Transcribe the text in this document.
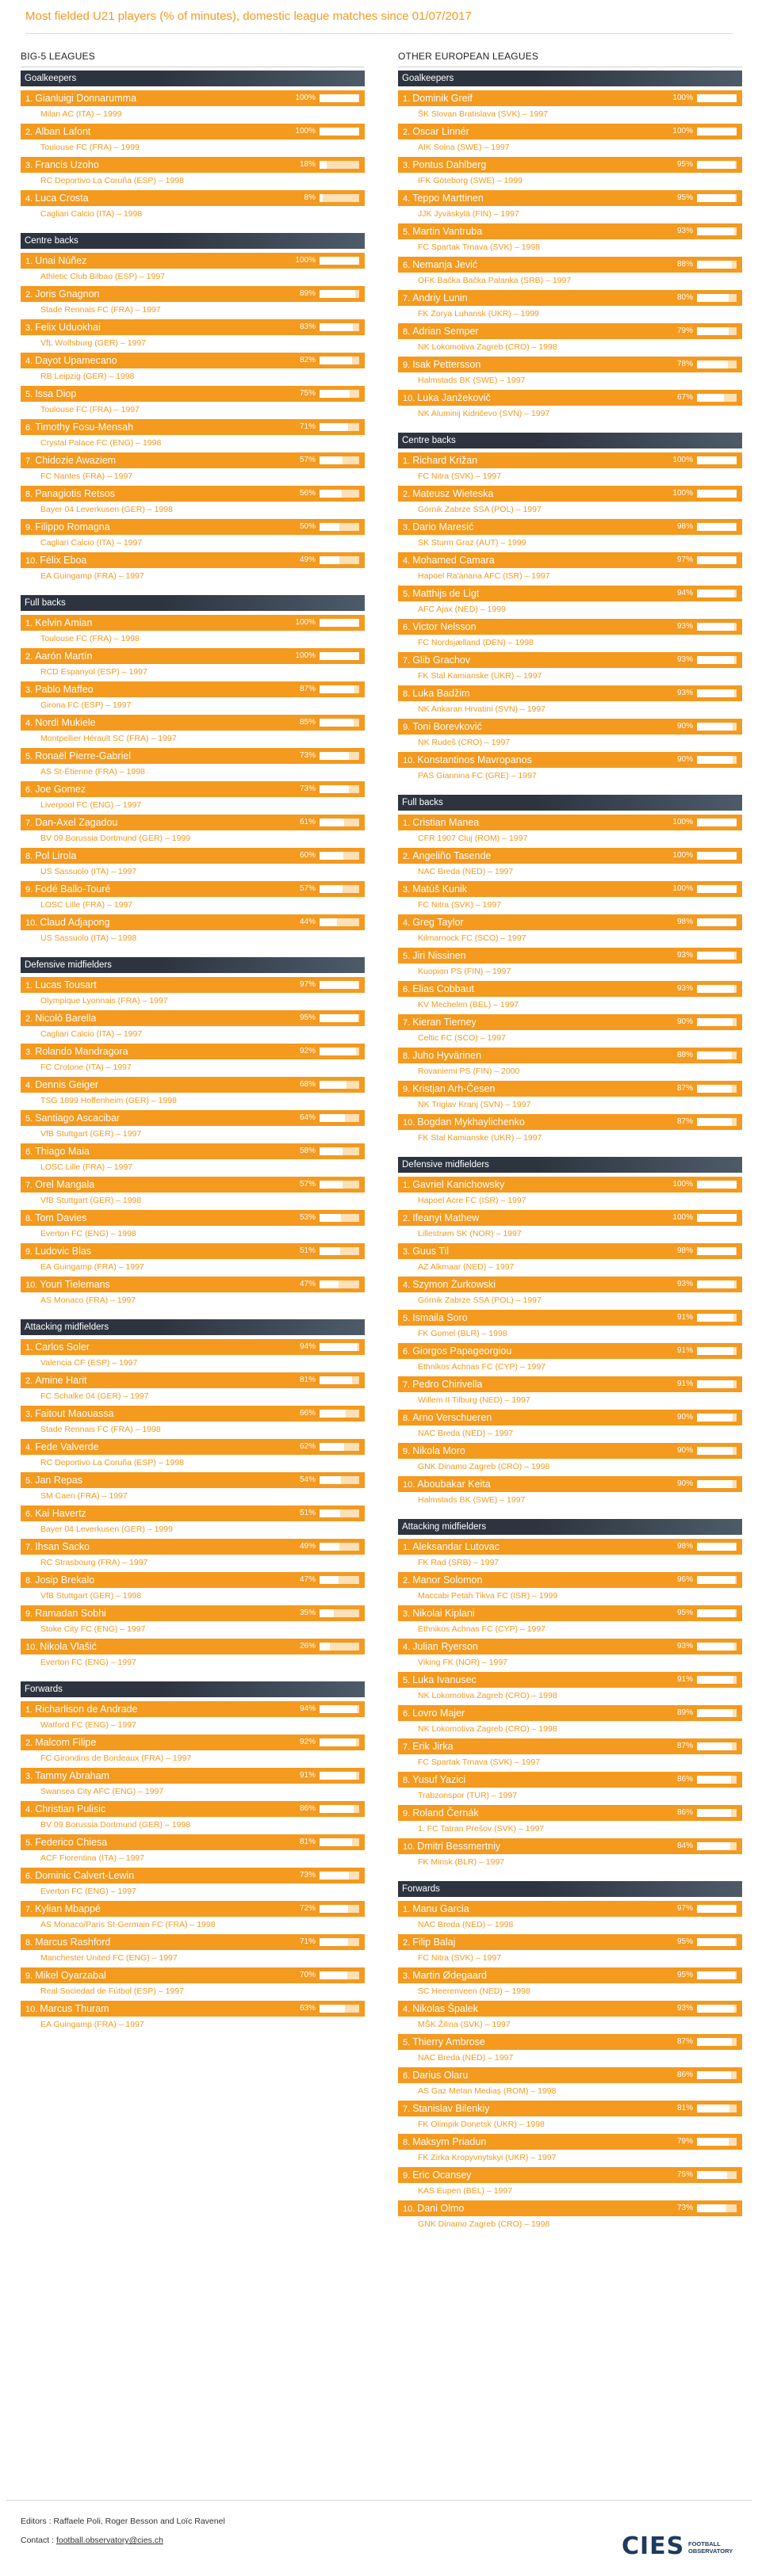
Most fielded U21 players (% of minutes), domestic league matches since 01/07/2017
BIG-5 LEAGUES
Goalkeepers
1. Gianluigi Donnarumma	100%
Milan AC (ITA) – 1999
2. Alban Lafont	100%
Toulouse FC (FRA) – 1999
3. Francis Uzoho	18%
RC Deportivo La Coruña (ESP) – 1998
4. Luca Crosta	8%
Cagliari Calcio (ITA) – 1998
Centre backs
1. Unai Núñez	100%
Athletic Club Bilbao (ESP) – 1997
2. Joris Gnagnon	89%
Stade Rennais FC (FRA) – 1997
3. Felix Uduokhai	83%
VfL Wolfsburg (GER) – 1997
4. Dayot Upamecano	82%
RB Leipzig (GER) – 1998
5. Issa Diop	75%
Toulouse FC (FRA) – 1997
6. Timothy Fosu-Mensah	71%
Crystal Palace FC (ENG) – 1998
7. Chidozie Awaziem	57%
FC Nantes (FRA) – 1997
8. Panagiotis Retsos	56%
Bayer 04 Leverkusen (GER) – 1998
9. Filippo Romagna	50%
Cagliari Calcio (ITA) – 1997
10. Félix Eboa	49%
EA Guingamp (FRA) – 1997
Full backs
1. Kelvin Amian	100%
Toulouse FC (FRA) – 1998
2. Aarón Martín	100%
RCD Espanyol (ESP) – 1997
3. Pablo Maffeo	87%
Girona FC (ESP) – 1997
4. Nordi Mukiele	85%
Montpellier Hérault SC (FRA) – 1997
5. Ronaël Pierre-Gabriel	73%
AS St-Étienne (FRA) – 1998
6. Joe Gomez	73%
Liverpool FC (ENG) – 1997
7. Dan-Axel Zagadou	61%
BV 09 Borussia Dortmund (GER) – 1999
8. Pol Lirola	60%
US Sassuolo (ITA) – 1997
9. Fodé Ballo-Touré	57%
LOSC Lille (FRA) – 1997
10. Claud Adjapong	44%
US Sassuolo (ITA) – 1998
Defensive midfielders
1. Lucas Tousart	97%
Olympique Lyonnais (FRA) – 1997
2. Nicolò Barella	95%
Cagliari Calcio (ITA) – 1997
3. Rolando Mandragora	92%
FC Crotone (ITA) – 1997
4. Dennis Geiger	68%
TSG 1899 Hoffenheim (GER) – 1998
5. Santiago Ascacibar	64%
VfB Stuttgart (GER) – 1997
6. Thiago Maia	58%
LOSC Lille (FRA) – 1997
7. Orel Mangala	57%
VfB Stuttgart (GER) – 1998
8. Tom Davies	53%
Everton FC (ENG) – 1998
9. Ludovic Blas	51%
EA Guingamp (FRA) – 1997
10. Youri Tielemans	47%
AS Monaco (FRA) – 1997
Attacking midfielders
1. Carlos Soler	94%
Valencia CF (ESP) – 1997
2. Amine Harit	81%
FC Schalke 04 (GER) – 1997
3. Faitout Maouassa	66%
Stade Rennais FC (FRA) – 1998
4. Fede Valverde	62%
RC Deportivo La Coruña (ESP) – 1998
5. Jan Repas	54%
SM Caen (FRA) – 1997
6. Kai Havertz	51%
Bayer 04 Leverkusen (GER) – 1999
7. Ihsan Sacko	49%
RC Strasbourg (FRA) – 1997
8. Josip Brekalo	47%
VfB Stuttgart (GER) – 1998
9. Ramadan Sobhi	35%
Stoke City FC (ENG) – 1997
10. Nikola Vlašić	26%
Everton FC (ENG) – 1997
Forwards
1. Richarlison de Andrade	94%
Watford FC (ENG) – 1997
2. Malcom Filipe	92%
FC Girondins de Bordeaux (FRA) – 1997
3. Tammy Abraham	91%
Swansea City AFC (ENG) – 1997
4. Christian Pulisic	86%
BV 09 Borussia Dortmund (GER) – 1998
5. Federico Chiesa	81%
ACF Fiorentina (ITA) – 1997
6. Dominic Calvert-Lewin	73%
Everton FC (ENG) – 1997
7. Kylian Mbappé	72%
AS Monaco/Paris St-Germain FC (FRA) – 1998
8. Marcus Rashford	71%
Manchester United FC (ENG) – 1997
9. Mikel Oyarzabal	70%
Real Sociedad de Fútbol (ESP) – 1997
10. Marcus Thuram	63%
EA Guingamp (FRA) – 1997
OTHER EUROPEAN LEAGUES
Goalkeepers
1. Dominik Greif	100%
ŠK Slovan Bratislava (SVK) – 1997
2. Oscar Linnér	100%
AIK Solna (SWE) – 1997
3. Pontus Dahlberg	95%
IFK Göteborg (SWE) – 1999
4. Teppo Marttinen	95%
JJK Jyväskylä (FIN) – 1997
5. Martin Vantruba	93%
FC Spartak Trnava (SVK) – 1998
6. Nemanja Jević	88%
OFK Bačka Bačka Palanka (SRB) – 1997
7. Andriy Lunin	80%
FK Zorya Luhansk (UKR) – 1999
8. Adrian Semper	79%
NK Lokomotiva Zagreb (CRO) – 1998
9. Isak Pettersson	78%
Halmstads BK (SWE) – 1997
10. Luka Janžekovič	67%
NK Aluminij Kidričevo (SVN) – 1997
Centre backs
1. Richard Križan	100%
FC Nitra (SVK) – 1997
2. Mateusz Wieteska	100%
Górnik Zabrze SSA (POL) – 1997
3. Dario Maresić	98%
SK Sturm Graz (AUT) – 1999
4. Mohamed Camara	97%
Hapoel Ra'anana AFC (ISR) – 1997
5. Matthijs de Ligt	94%
AFC Ajax (NED) – 1999
6. Victor Nelsson	93%
FC Nordsjælland (DEN) – 1998
7. Glib Grachov	93%
FK Stal Kamianske (UKR) – 1997
8. Luka Badžim	93%
NK Ankaran Hrvatini (SVN) – 1997
9. Toni Borevković	90%
NK Rudeš (CRO) – 1997
10. Konstantinos Mavropanos	90%
PAS Giannina FC (GRE) – 1997
Full backs
1. Cristian Manea	100%
CFR 1907 Cluj (ROM) – 1997
2. Angeliño Tasende	100%
NAC Breda (NED) – 1997
3. Matúš Kunik	100%
FC Nitra (SVK) – 1997
4. Greg Taylor	98%
Kilmarnock FC (SCO) – 1997
5. Jiri Nissinen	93%
Kuopion PS (FIN) – 1997
6. Elias Cobbaut	93%
KV Mechelen (BEL) – 1997
7. Kieran Tierney	90%
Celtic FC (SCO) – 1997
8. Juho Hyvärinen	88%
Rovaniemi PS (FIN) – 2000
9. Kristjan Arh-Česen	87%
NK Triglav Kranj (SVN) – 1997
10. Bogdan Mykhaylichenko	87%
FK Stal Kamianske (UKR) – 1997
Defensive midfielders
1. Gavriel Kanichowsky	100%
Hapoel Acre FC (ISR) – 1997
2. Ifeanyi Mathew	100%
Lillestrøm SK (NOR) – 1997
3. Guus Til	98%
AZ Alkmaar (NED) – 1997
4. Szymon Żurkowski	93%
Górnik Zabrze SSA (POL) – 1997
5. Ismaila Soro	91%
FK Gomel (BLR) – 1998
6. Giorgos Papageorgiou	91%
Ethnikos Achnas FC (CYP) – 1997
7. Pedro Chirivella	91%
Willem II Tilburg (NED) – 1997
8. Arno Verschueren	90%
NAC Breda (NED) – 1997
9. Nikola Moro	90%
GNK Dinamo Zagreb (CRO) – 1998
10. Aboubakar Keita	90%
Halmstads BK (SWE) – 1997
Attacking midfielders
1. Aleksandar Lutovac	98%
FK Rad (SRB) – 1997
2. Manor Solomon	96%
Maccabi Petah Tikva FC (ISR) – 1999
3. Nikolai Kiplani	95%
Ethnikos Achnas FC (CYP) – 1997
4. Julian Ryerson	93%
Viking FK (NOR) – 1997
5. Luka Ivanusec	91%
NK Lokomotiva Zagreb (CRO) – 1998
6. Lovro Majer	89%
NK Lokomotiva Zagreb (CRO) – 1998
7. Erik Jirka	87%
FC Spartak Trnava (SVK) – 1997
8. Yusuf Yazici	86%
Trabzonspor (TUR) – 1997
9. Roland Černák	86%
1. FC Tatran Prešov (SVK) – 1997
10. Dmitri Bessmertniy	84%
FK Minsk (BLR) – 1997
Forwards
1. Manu Garcia	97%
NAC Breda (NED) – 1998
2. Filip Balaj	95%
FC Nitra (SVK) – 1997
3. Martin Ødegaard	95%
SC Heerenveen (NED) – 1998
4. Nikolas Špalek	93%
MŠK Žilina (SVK) – 1997
5. Thierry Ambrose	87%
NAC Breda (NED) – 1997
6. Darius Olaru	86%
AS Gaz Metan Mediaş (ROM) – 1998
7. Stanislav Bilenkiy	81%
FK Olimpik Donetsk (UKR) – 1998
8. Maksym Priadun	79%
FK Zirka Kropyvnytskyi (UKR) – 1997
9. Eric Ocansey	75%
KAS Eupen (BEL) – 1997
10. Dani Olmo	73%
GNK Dinamo Zagreb (CRO) – 1998
Editors : Raffaele Poli, Roger Besson and Loïc Ravenel
Contact : football.observatory@cies.ch	CIES FOOTBALL
OBSERVATORY
